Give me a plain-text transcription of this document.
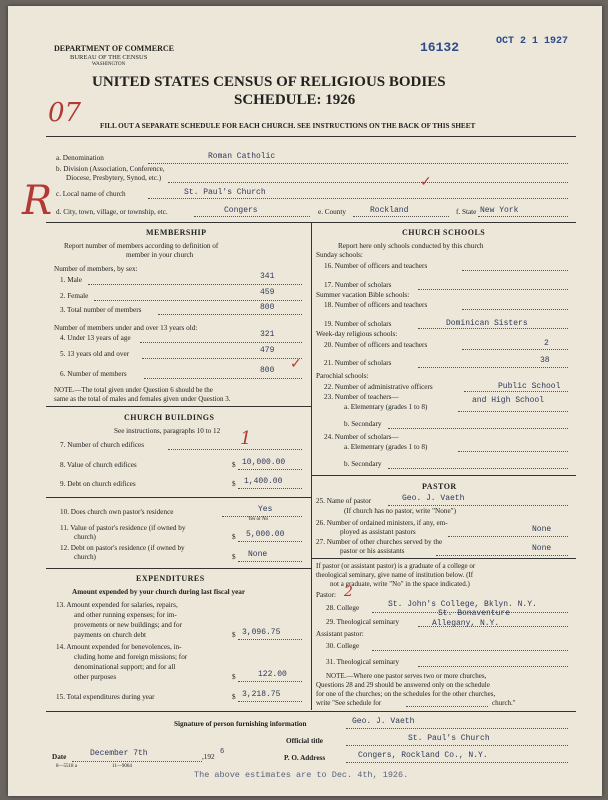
DEPARTMENT OF COMMERCE
BUREAU OF THE CENSUS
WASHINGTON
16132	OCT 2 1 1927
UNITED STATES CENSUS OF RELIGIOUS BODIES
SCHEDULE: 1926
FILL OUT A SEPARATE SCHEDULE FOR EACH CHURCH. SEE INSTRUCTIONS ON THE BACK OF THIS SHEET
07
R
a. Denomination	Roman Catholic
b. Division (Association, Conference,
Diocese, Presbytery, Synod, etc.)
c. Local name of church	St. Paul's Church
✓
d. City, town, village, or township, etc.	Congers	e. County	Rockland	f. State New York
MEMBERSHIP
Report number of members according to definition of
member in your church
Number of members, by sex:
1. Male	341
2. Female	459
3. Total number of members	800
Number of members under and over 13 years old:
4. Under 13 years of age	321
5. 13 years old and over	479
✓
6. Number of members	800
NOTE.—The total given under Question 6 should be the
same as the total of males and females given under Question 3.
CHURCH BUILDINGS
See instructions, paragraphs 10 to 12
7. Number of church edifices	1
8. Value of church edifices	$ 10,000.00
9. Debt on church edifices	$ 1,400.00
10. Does church own pastor's residence	Yes
Yes or No
11. Value of pastor's residence (if owned by
church)	$ 5,000.00
12. Debt on pastor's residence (if owned by
church)	$ None
EXPENDITURES
Amount expended by your church during last fiscal year
13. Amount expended for salaries, repairs,
and other running expenses; for im-
provements or new buildings; and for
payments on church debt	$ 3,096.75
14. Amount expended for benevolences, in-
cluding home and foreign missions; for
denominational support; and for all
other purposes	$	122.00
15. Total expenditures during year	$ 3,218.75
CHURCH SCHOOLS
Report here only schools conducted by this church
Sunday schools:
16. Number of officers and teachers
17. Number of scholars
Summer vacation Bible schools:
18. Number of officers and teachers
19. Number of scholars	Dominican Sisters
Week-day religious schools:
20. Number of officers and teachers	2
21. Number of scholars	38
Parochial schools:
22. Number of administrative officers	Public School
23. Number of teachers—
a. Elementary (grades 1 to 8)
and High School
b. Secondary
24. Number of scholars—
a. Elementary (grades 1 to 8)
b. Secondary
PASTOR
25. Name of pastor	Geo. J. Vaeth
(If church has no pastor, write "None")
26. Number of ordained ministers, if any, em-
ployed as assistant pastors	None
27. Number of other churches served by the
pastor or his assistants	None
If pastor (or assistant pastor) is a graduate of a college or
theological seminary, give name of institution below. (If
not a graduate, write "No" in the space indicated.)
Pastor: 2
28. College	St. John's College, Bklyn. N.Y.
29. Theological seminary
St. Bonaventure
Allegany, N.Y.
Assistant pastor:
30. College
31. Theological seminary
NOTE.—Where one pastor serves two or more churches,
Questions 28 and 29 should be answered only on the schedule
for one of the churches; on the schedules for the other churches,
write "See schedule for	church."
Signature of person furnishing information	Geo. J. Vaeth
Official title	St. Paul's Church
Date	December 7th	,192
6
P. O. Address	Congers, Rockland Co., N.Y.
8—5518 a	11—9064
The above estimates are to Dec. 4th, 1926.
